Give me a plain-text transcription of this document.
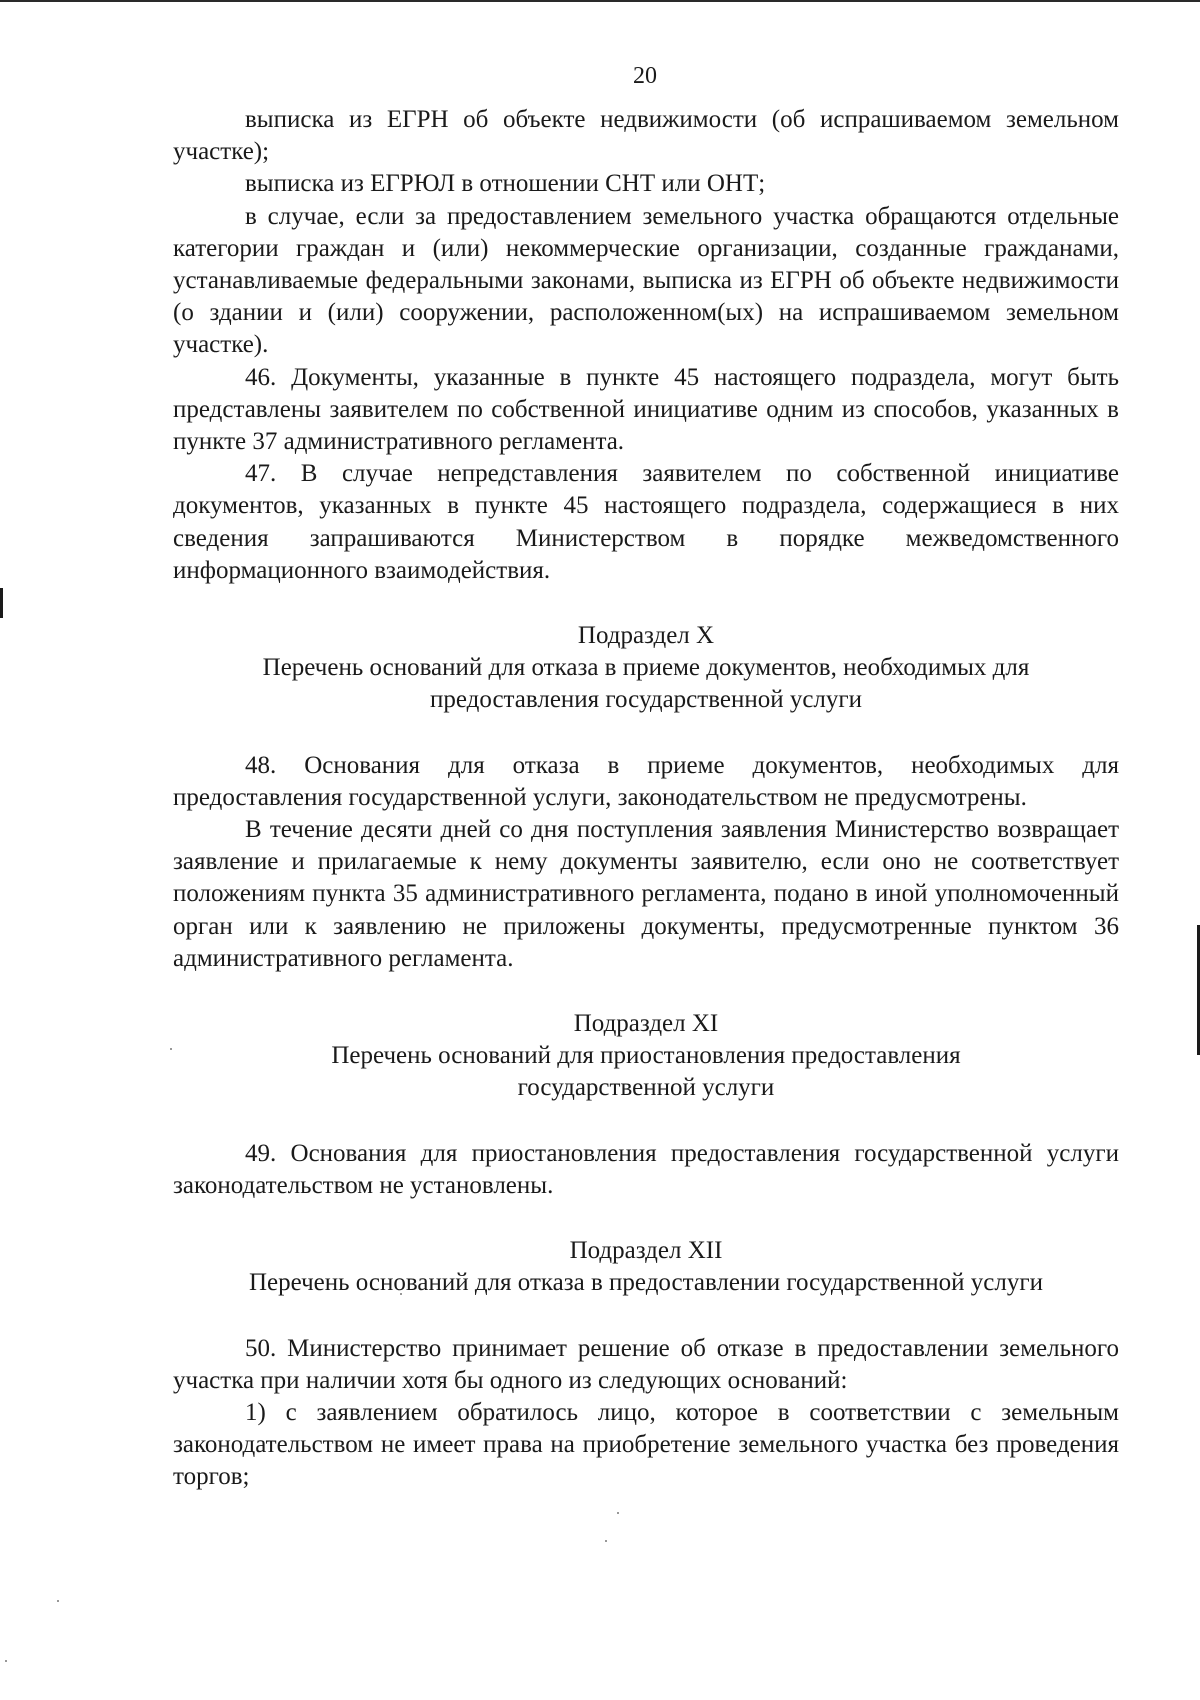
20

выписка из ЕГРН об объекте недвижимости (об испрашиваемом земельном участке);

выписка из ЕГРЮЛ в отношении СНТ или ОНТ;

в случае, если за предоставлением земельного участка обращаются отдельные категории граждан и (или) некоммерческие организации, созданные гражданами, устанавливаемые федеральными законами, выписка из ЕГРН об объекте недвижимости (о здании и (или) сооружении, расположенном(ых) на испрашиваемом земельном участке).

46. Документы, указанные в пункте 45 настоящего подраздела, могут быть представлены заявителем по собственной инициативе одним из способов, указанных в пункте 37 административного регламента.

47. В случае непредставления заявителем по собственной инициативе документов, указанных в пункте 45 настоящего подраздела, содержащиеся в них сведения запрашиваются Министерством в порядке межведомственного информационного взаимодействия.

Подраздел X

Перечень оснований для отказа в приеме документов, необходимых для

предоставления государственной услуги

48. Основания для отказа в приеме документов, необходимых для предоставления государственной услуги, законодательством не предусмотрены.

В течение десяти дней со дня поступления заявления Министерство возвращает заявление и прилагаемые к нему документы заявителю, если оно не соответствует положениям пункта 35 административного регламента, подано в иной уполномоченный орган или к заявлению не приложены документы, предусмотренные пунктом 36 административного регламента.

Подраздел XI

Перечень оснований для приостановления предоставления

государственной услуги

49. Основания для приостановления предоставления государственной услуги законодательством не установлены.

Подраздел XII

Перечень оснований для отказа в предоставлении государственной услуги

50. Министерство принимает решение об отказе в предоставлении земельного участка при наличии хотя бы одного из следующих оснований:

1) с заявлением обратилось лицо, которое в соответствии с земельным законодательством не имеет права на приобретение земельного участка без проведения торгов;
